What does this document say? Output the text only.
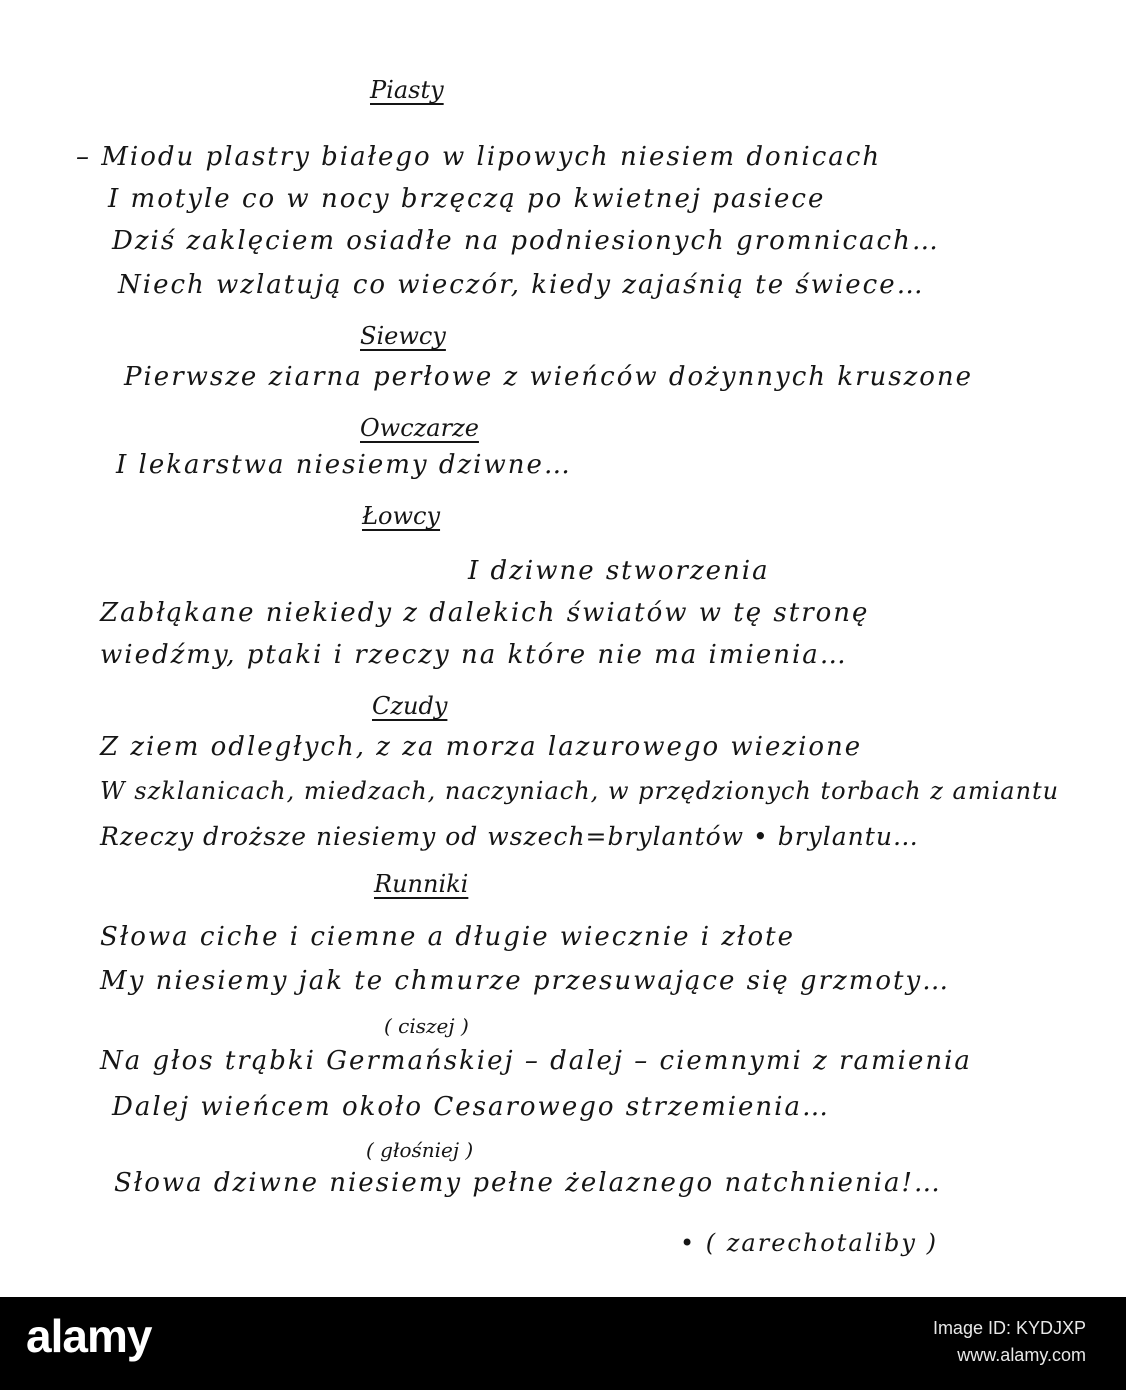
Piasty
– Miodu plastry białego w lipowych niesiem donicach
I motyle co w nocy brzęczą po kwietnej pasiece
Dziś zaklęciem osiadłe na podniesionych gromnicach…
Niech wzlatują co wieczór, kiedy zajaśnią te świece…
Siewcy
Pierwsze ziarna perłowe z wieńców dożynnych kruszone
Owczarze
I lekarstwa niesiemy dziwne…
Łowcy
I dziwne stworzenia
Zabłąkane niekiedy z dalekich światów w tę stronę
wiedźmy, ptaki i rzeczy na które nie ma imienia…
Czudy
Z ziem odległych, z za morza lazurowego wiezione
W szklanicach, miedzach, naczyniach, w przędzionych torbach z amiantu
Rzeczy droższe niesiemy od wszech=brylantów • brylantu…
Runniki
Słowa ciche i ciemne a długie wiecznie i złote
My niesiemy jak te chmurze przesuwające się grzmoty…
( ciszej )
Na głos trąbki Germańskiej – dalej – ciemnymi z ramienia
Dalej wieńcem około Cesarowego strzemienia…
( głośniej )
Słowa dziwne niesiemy pełne żelaznego natchnienia!…
• ( zarechotaliby )
alamy	Image ID: KYDJXP
www.alamy.com
